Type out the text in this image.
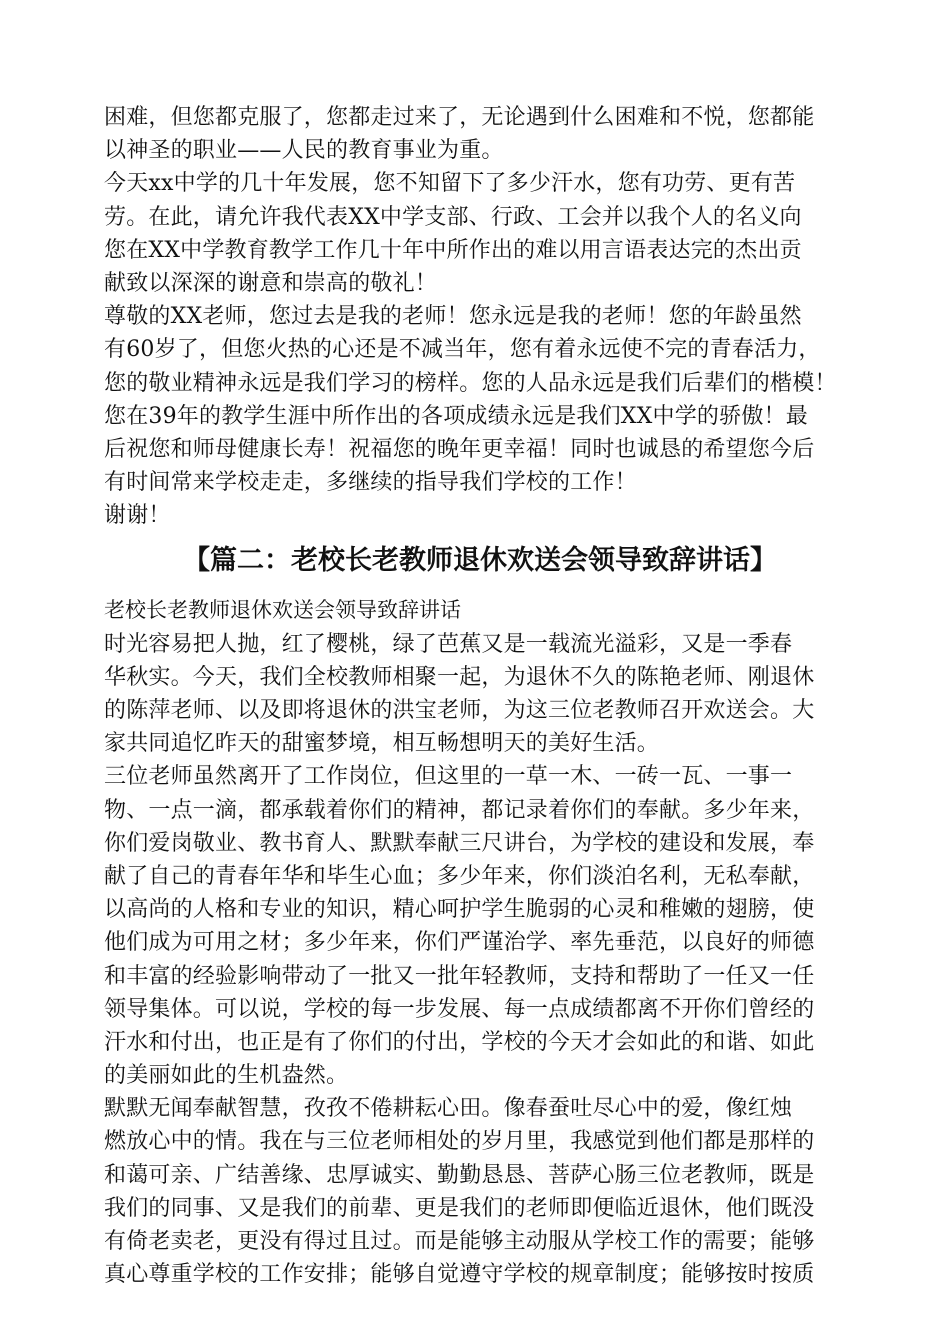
困难，但您都克服了，您都走过来了，无论遇到什么困难和不悦，您都能
以神圣的职业——人民的教育事业为重。
今天xx中学的几十年发展，您不知留下了多少汗水，您有功劳、更有苦
劳。在此，请允许我代表XX中学支部、行政、工会并以我个人的名义向
您在XX中学教育教学工作几十年中所作出的难以用言语表达完的杰出贡
献致以深深的谢意和崇高的敬礼！
尊敬的XX老师，您过去是我的老师！您永远是我的老师！您的年龄虽然
有60岁了，但您火热的心还是不减当年，您有着永远使不完的青春活力，
您的敬业精神永远是我们学习的榜样。您的人品永远是我们后辈们的楷模！
您在39年的教学生涯中所作出的各项成绩永远是我们XX中学的骄傲！最
后祝您和师母健康长寿！祝福您的晚年更幸福！同时也诚恳的希望您今后
有时间常来学校走走，多继续的指导我们学校的工作！
谢谢！
【篇二：老校长老教师退休欢送会领导致辞讲话】
老校长老教师退休欢送会领导致辞讲话
时光容易把人抛，红了樱桃，绿了芭蕉又是一载流光溢彩，又是一季春
华秋实。今天，我们全校教师相聚一起，为退休不久的陈艳老师、刚退休
的陈萍老师、以及即将退休的洪宝老师，为这三位老教师召开欢送会。大
家共同追忆昨天的甜蜜梦境，相互畅想明天的美好生活。
三位老师虽然离开了工作岗位，但这里的一草一木、一砖一瓦、一事一
物、一点一滴，都承载着你们的精神，都记录着你们的奉献。多少年来，
你们爱岗敬业、教书育人、默默奉献三尺讲台，为学校的建设和发展，奉
献了自己的青春年华和毕生心血；多少年来，你们淡泊名利，无私奉献，
以高尚的人格和专业的知识，精心呵护学生脆弱的心灵和稚嫩的翅膀，使
他们成为可用之材；多少年来，你们严谨治学、率先垂范，以良好的师德
和丰富的经验影响带动了一批又一批年轻教师，支持和帮助了一任又一任
领导集体。可以说，学校的每一步发展、每一点成绩都离不开你们曾经的
汗水和付出，也正是有了你们的付出，学校的今天才会如此的和谐、如此
的美丽如此的生机盎然。
默默无闻奉献智慧，孜孜不倦耕耘心田。像春蚕吐尽心中的爱，像红烛
燃放心中的情。我在与三位老师相处的岁月里，我感觉到他们都是那样的
和蔼可亲、广结善缘、忠厚诚实、勤勤恳恳、菩萨心肠三位老教师，既是
我们的同事、又是我们的前辈、更是我们的老师即便临近退休，他们既没
有倚老卖老，更没有得过且过。而是能够主动服从学校工作的需要；能够
真心尊重学校的工作安排；能够自觉遵守学校的规章制度；能够按时按质
